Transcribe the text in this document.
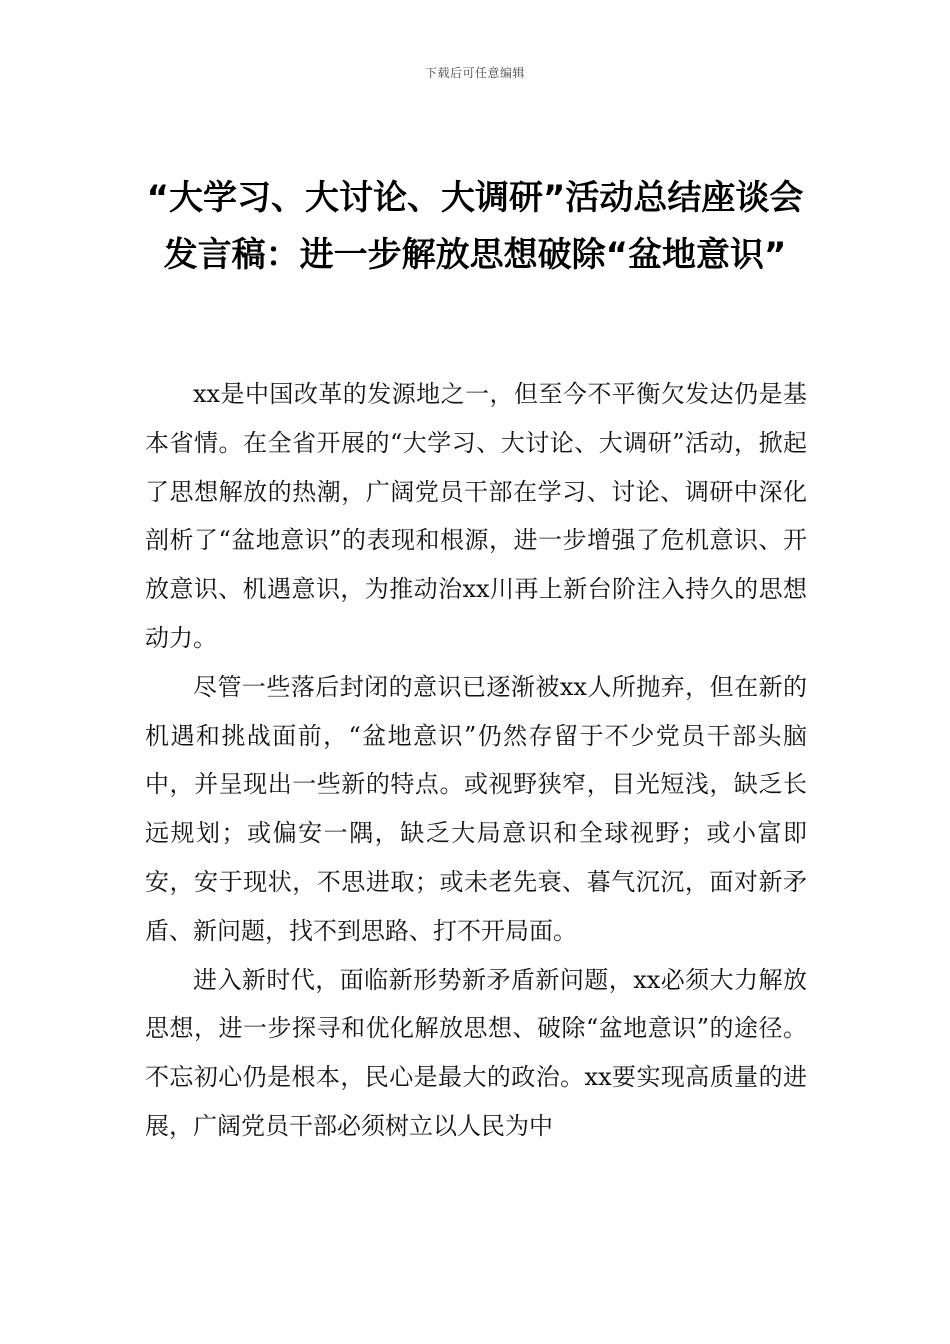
下载后可任意编辑
“大学习、大讨论、大调研”活动总结座谈会发言稿：进一步解放思想破除“盆地意识”

xx是中国改革的发源地之一，但至今不平衡欠发达仍是基本省情。在全省开展的“大学习、大讨论、大调研”活动，掀起了思想解放的热潮，广阔党员干部在学习、讨论、调研中深化剖析了“盆地意识”的表现和根源，进一步增强了危机意识、开放意识、机遇意识，为推动治xx川再上新台阶注入持久的思想动力。

尽管一些落后封闭的意识已逐渐被xx人所抛弃，但在新的机遇和挑战面前，“盆地意识”仍然存留于不少党员干部头脑中，并呈现出一些新的特点。或视野狭窄，目光短浅，缺乏长远规划；或偏安一隅，缺乏大局意识和全球视野；或小富即安，安于现状，不思进取；或未老先衰、暮气沉沉，面对新矛盾、新问题，找不到思路、打不开局面。

进入新时代，面临新形势新矛盾新问题，xx必须大力解放思想，进一步探寻和优化解放思想、破除“盆地意识”的途径。不忘初心仍是根本，民心是最大的政治。xx要实现高质量的进展，广阔党员干部必须树立以人民为中
